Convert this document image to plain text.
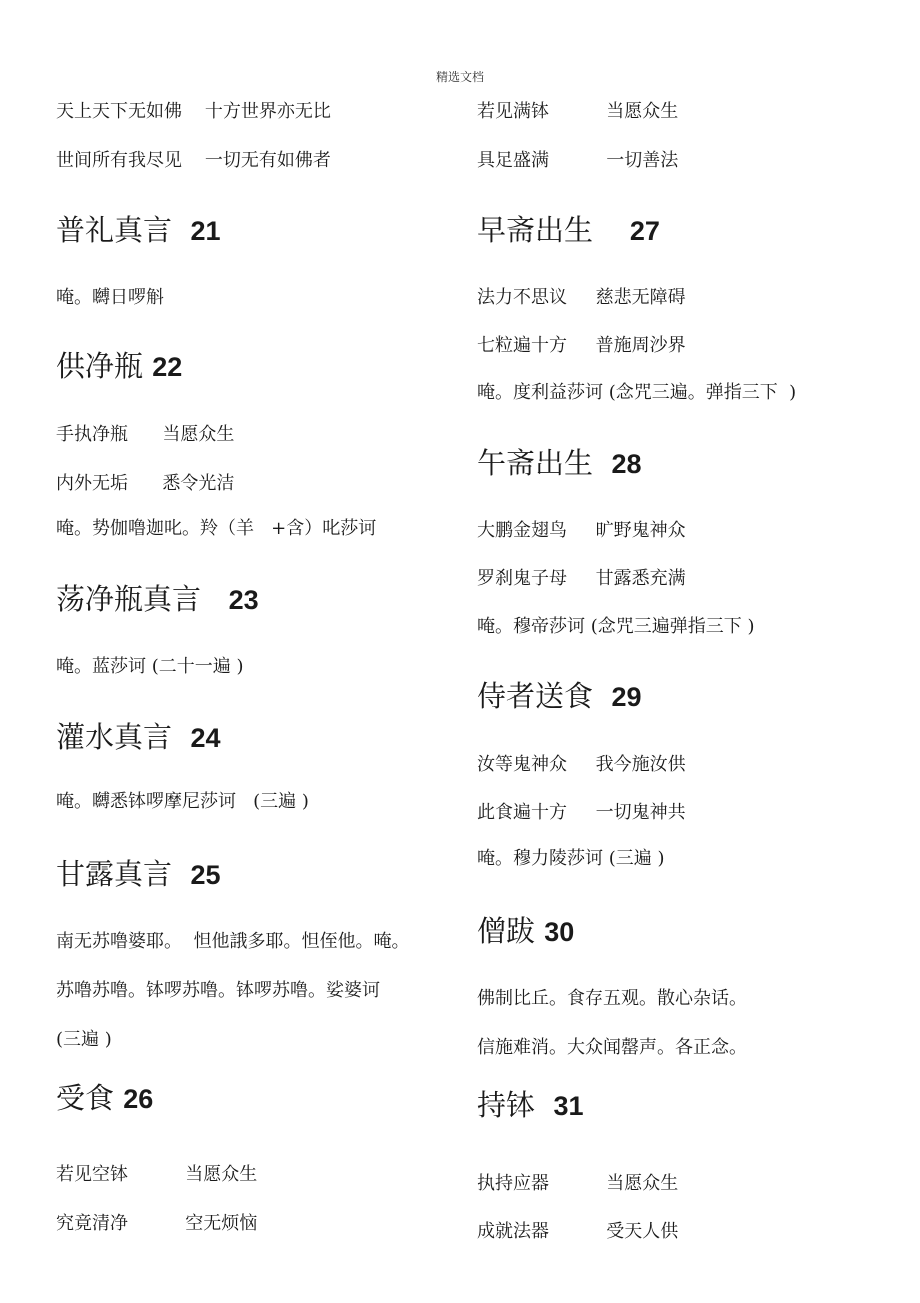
精选文档
天上天下无如佛    十方世界亦无比
世间所有我尽见    一切无有如佛者
普礼真言  21
唵。嚩日啰斛
供净瓶 22
手执净瓶      当愿众生
内外无垢      悉令光洁
唵。势伽噜迦叱。羚（羊   +含）叱莎诃
荡净瓶真言   23
唵。蓝莎诃 (二十一遍 )
灌水真言  24
唵。嚩悉钵啰摩尼莎诃   (三遍 )
甘露真言  25
南无苏噜婆耶。  怛他誐多耶。怛侄他。唵。
苏噜苏噜。钵啰苏噜。钵啰苏噜。娑婆诃
(三遍 )
受食 26
若见空钵          当愿众生
究竟清净          空无烦恼
若见满钵          当愿众生
具足盛满          一切善法
早斋出生    27
法力不思议     慈悲无障碍
七粒遍十方     普施周沙界
唵。度利益莎诃 (念咒三遍。弹指三下  )
午斋出生  28
大鹏金翅鸟     旷野鬼神众
罗刹鬼子母     甘露悉充满
唵。穆帝莎诃 (念咒三遍弹指三下 )
侍者送食  29
汝等鬼神众     我今施汝供
此食遍十方     一切鬼神共
唵。穆力陵莎诃 (三遍 )
僧跋 30
佛制比丘。食存五观。散心杂话。
信施难消。大众闻罄声。各正念。
持钵  31
执持应器          当愿众生
成就法器          受天人供
